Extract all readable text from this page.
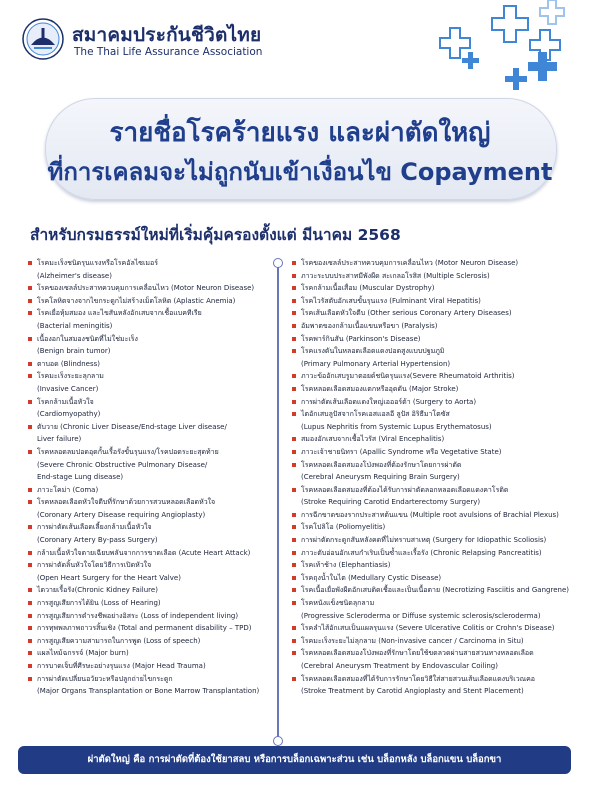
สมาคมประกันชีวิตไทย
The Thai Life Assurance Association
รายชื่อโรคร้ายแรง และผ่าตัดใหญ่
ที่การเคลมจะไม่ถูกนับเข้าเงื่อนไข Copayment
สำหรับกรมธรรม์ใหม่ที่เริ่มคุ้มครองตั้งแต่ มีนาคม 2568
โรคมะเร็งชนิดรุนแรงหรือโรคอัลไซเมอร์
(Alzheimer's disease)
โรคของเซลล์ประสาทควบคุมการเคลื่อนไหว (Motor Neuron Disease)
โรคโลหิตจางจากไขกระดูกไม่สร้างเม็ดโลหิต (Aplastic Anemia)
โรคเยื่อหุ้มสมอง และไขสันหลังอักเสบจากเชื้อแบคทีเรีย
(Bacterial meningitis)
เนื้องอกในสมองชนิดที่ไม่ใช่มะเร็ง
(Benign brain tumor)
ตาบอด (Blindness)
โรคมะเร็งระยะลุกลาม
(Invasive Cancer)
โรคกล้ามเนื้อหัวใจ
(Cardiomyopathy)
ตับวาย (Chronic Liver Disease/End-stage Liver disease/
Liver failure)
โรคหลอดลมปอดอุดกั้นเรื้อรังขั้นรุนแรง/โรคปอดระยะสุดท้าย
(Severe Chronic Obstructive Pulmonary Disease/
End-stage Lung disease)
ภาวะโคม่า (Coma)
โรคหลอดเลือดหัวใจตีบที่รักษาด้วยการสวนหลอดเลือดหัวใจ
(Coronary Artery Disease requiring Angioplasty)
การผ่าตัดเส้นเลือดเลี้ยงกล้ามเนื้อหัวใจ
(Coronary Artery By-pass Surgery)
กล้ามเนื้อหัวใจตายเฉียบพลันจากการขาดเลือด (Acute Heart Attack)
การผ่าตัดลิ้นหัวใจโดยวิธีการเปิดหัวใจ
(Open Heart Surgery for the Heart Valve)
ไตวายเรื้อรัง(Chronic Kidney Failure)
การสูญเสียการได้ยิน (Loss of Hearing)
การสูญเสียการดำรงชีพอย่างอิสระ (Loss of independent living)
การทุพพลภาพถาวรสิ้นเชิง (Total and permanent disability – TPD)
การสูญเสียความสามารถในการพูด (Loss of speech)
แผลไหม้ฉกรรจ์ (Major burn)
การบาดเจ็บที่ศีรษะอย่างรุนแรง (Major Head Trauma)
การผ่าตัดเปลี่ยนอวัยวะหรือปลูกถ่ายไขกระดูก
(Major Organs Transplantation or Bone Marrow Transplantation)
โรคของเซลล์ประสาทควบคุมการเคลื่อนไหว (Motor Neuron Disease)
ภาวะระบบประสาทมีพังผืด สะเกลอโรสิส (Multiple Sclerosis)
โรคกล้ามเนื้อเสื่อม (Muscular Dystrophy)
โรคไวรัสตับอักเสบขั้นรุนแรง (Fulminant Viral Hepatitis)
โรคเส้นเลือดหัวใจตีบ (Other serious Coronary Artery Diseases)
อัมพาตของกล้ามเนื้อแขนหรือขา (Paralysis)
โรคพาร์กินสัน (Parkinson's Disease)
โรคแรงดันในหลอดเลือดแดงปอดสูงแบบปฐมภูมิ
(Primary Pulmonary Arterial Hypertension)
ภาวะข้ออักเสบรูมาตอยด์ชนิดรุนแรง(Severe Rheumatoid Arthritis)
โรคหลอดเลือดสมองแตกหรืออุดตัน (Major Stroke)
การผ่าตัดเส้นเลือดแดงใหญ่เอออร์ต้า (Surgery to Aorta)
ไตอักเสบลูปัสจากโรคเอสแอลอี ลูปัส อิริธีมาโตซัส
(Lupus Nephritis from Systemic Lupus Erythematosus)
สมองอักเสบจากเชื้อไวรัส (Viral Encephalitis)
ภาวะเจ้าชายนิทรา (Apallic Syndrome หรือ Vegetative State)
โรคหลอดเลือดสมองโป่งพองที่ต้องรักษาโดยการผ่าตัด
(Cerebral Aneurysm Requiring Brain Surgery)
โรคหลอดเลือดสมองที่ต้องได้รับการผ่าตัดลอกหลอดเลือดแดงคาโรติด
(Stroke Requiring Carotid Endarterectomy Surgery)
การฉีกขาดของรากประสาทต้นแขน (Multiple root avulsions of Brachial Plexus)
โรคโปลิโอ (Poliomyelitis)
การผ่าตัดกระดูกสันหลังคดที่ไม่ทราบสาเหตุ (Surgery for Idiopathic Scoliosis)
ภาวะตับอ่อนอักเสบกำเริบเป็นซ้ำและเรื้อรัง (Chronic Relapsing Pancreatitis)
โรคเท้าช้าง (Elephantiasis)
โรคถุงน้ำในไต (Medullary Cystic Disease)
โรคเนื้อเยื่อพังผืดอักเสบติดเชื้อและเป็นเนื้อตาย (Necrotizing Fasciitis and Gangrene)
โรคหนังแข็งชนิดลุกลาม
(Progressive Scleroderma or Diffuse systemic sclerosis/scleroderma)
โรคลำไส้อักเสบเป็นแผลรุนแรง (Severe Ulcerative Colitis or Crohn's Disease)
โรคมะเร็งระยะไม่ลุกลาม (Non-invasive cancer / Carcinoma in Situ)
โรคหลอดเลือดสมองโป่งพองที่รักษาโดยใช้ขดลวดผ่านสายสวนทางหลอดเลือด
(Cerebral Aneurysm Treatment by Endovascular Coiling)
โรคหลอดเลือดสมองที่ได้รับการรักษาโดยวิธีใส่สายสวนเส้นเลือดแดงบริเวณคอ
(Stroke Treatment by Carotid Angioplasty and Stent Placement)
ผ่าตัดใหญ่ คือ การผ่าตัดที่ต้องใช้ยาสลบ หรือการบล็อกเฉพาะส่วน เช่น บล็อกหลัง บล็อกแขน บล็อกขา
